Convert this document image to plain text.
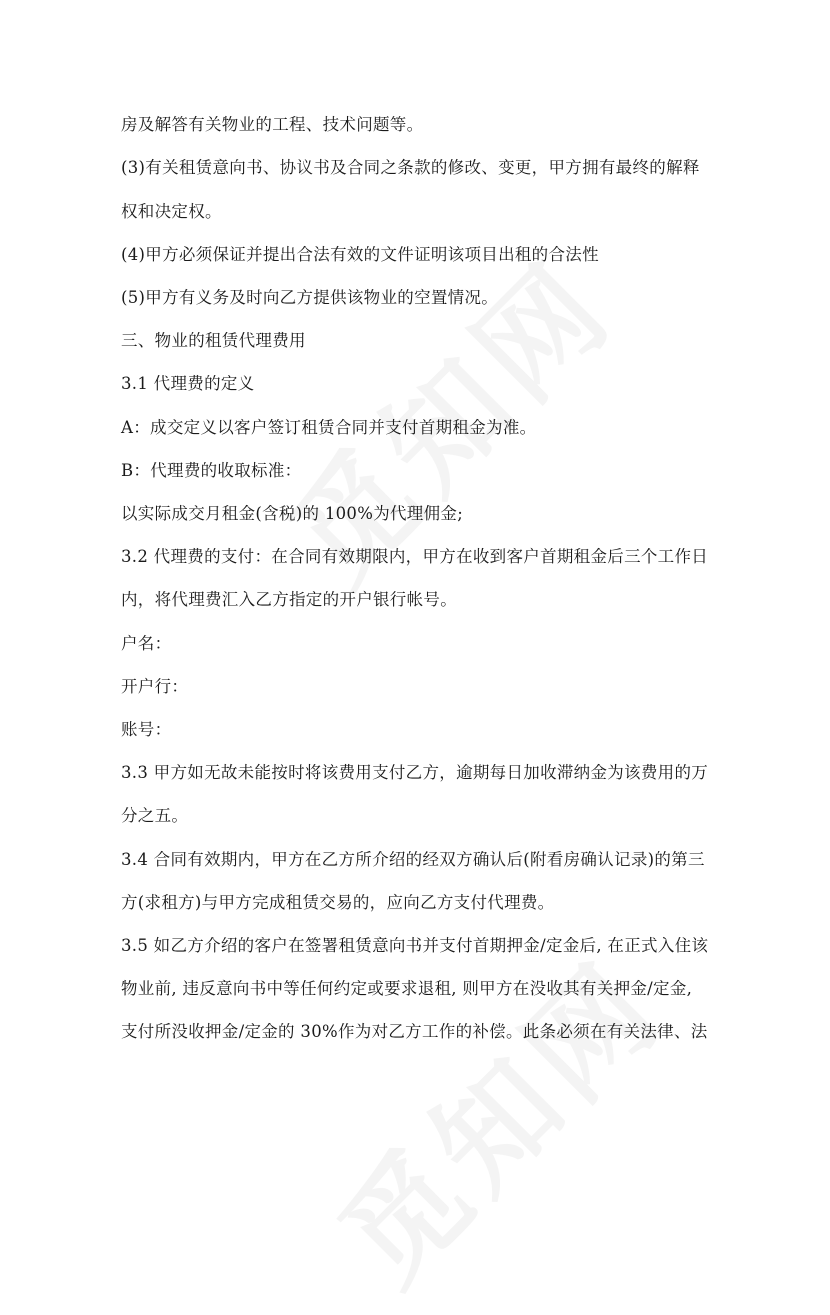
房及解答有关物业的工程、技术问题等。
(3)有关租赁意向书、协议书及合同之条款的修改、变更，甲方拥有最终的解释
权和决定权。
(4)甲方必须保证并提出合法有效的文件证明该项目出租的合法性
(5)甲方有义务及时向乙方提供该物业的空置情况。
三、物业的租赁代理费用
3.1 代理费的定义
A：成交定义以客户签订租赁合同并支付首期租金为准。
B：代理费的收取标准：
以实际成交月租金(含税)的 100%为代理佣金;
3.2 代理费的支付：在合同有效期限内，甲方在收到客户首期租金后三个工作日
内，将代理费汇入乙方指定的开户银行帐号。
户名：
开户行：
账号：
3.3 甲方如无故未能按时将该费用支付乙方，逾期每日加收滞纳金为该费用的万
分之五。
3.4 合同有效期内，甲方在乙方所介绍的经双方确认后(附看房确认记录)的第三
方(求租方)与甲方完成租赁交易的，应向乙方支付代理费。
3.5 如乙方介绍的客户在签署租赁意向书并支付首期押金/定金后, 在正式入住该
物业前, 违反意向书中等任何约定或要求退租, 则甲方在没收其有关押金/定金,
支付所没收押金/定金的 30%作为对乙方工作的补偿。此条必须在有关法律、法
